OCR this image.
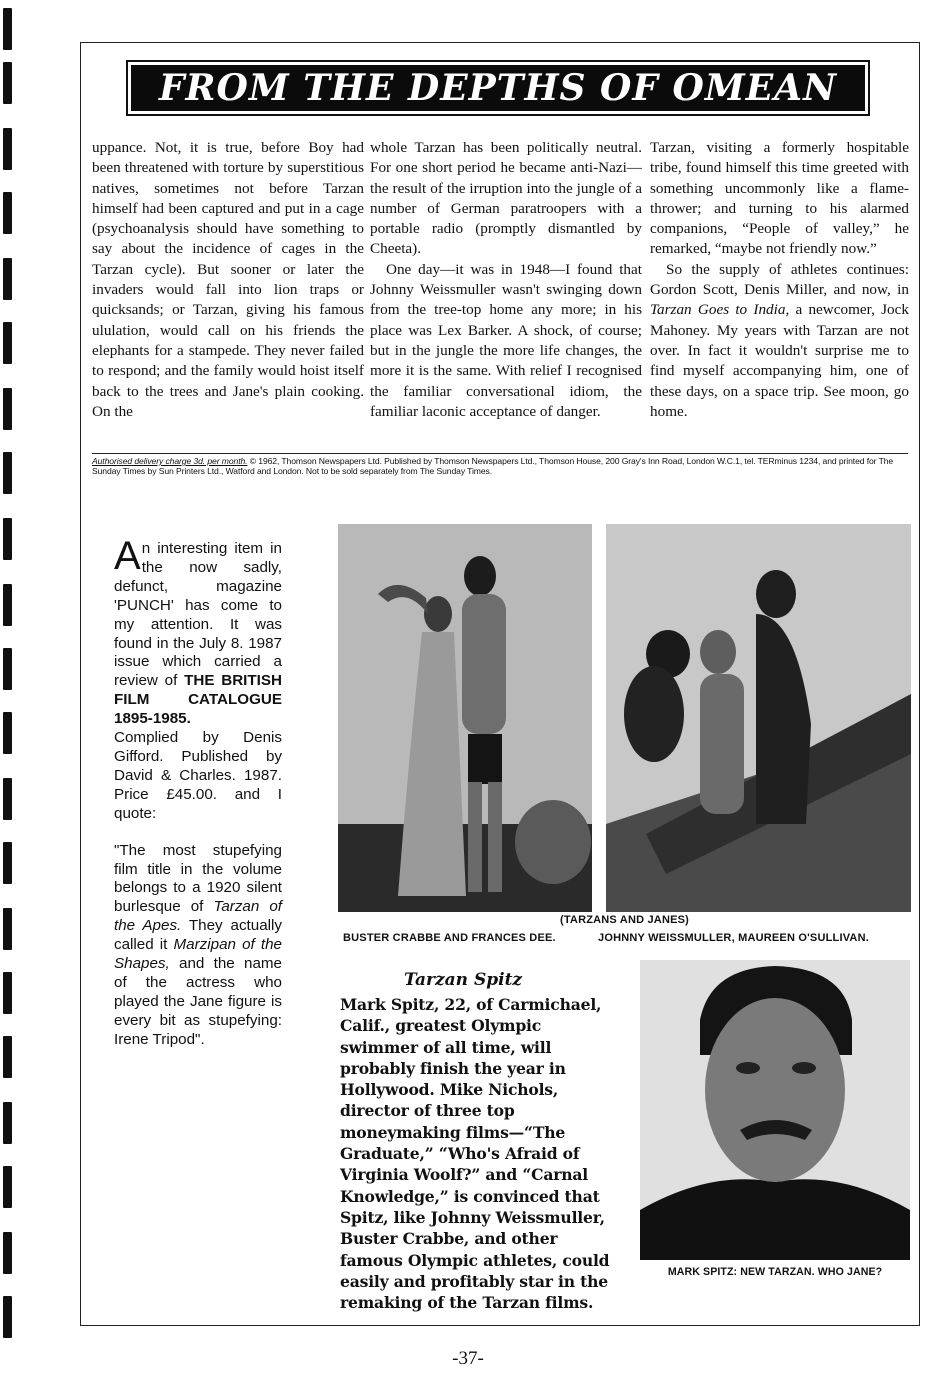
FROM THE DEPTHS OF OMEAN

uppance. Not, it is true, before Boy had been threatened with torture by superstitious natives, sometimes not before Tarzan himself had been captured and put in a cage (psychoanalysis should have something to say about the incidence of cages in the Tarzan cycle). But sooner or later the invaders would fall into lion traps or quicksands; or Tarzan, giving his famous ululation, would call on his friends the elephants for a stampede. They never failed to respond; and the family would hoist itself back to the trees and Jane's plain cooking. On the

whole Tarzan has been politically neutral. For one short period he became anti-Nazi—the result of the irruption into the jungle of a number of German paratroopers with a portable radio (promptly dismantled by Cheeta).

One day—it was in 1948—I found that Johnny Weissmuller wasn't swinging down from the tree-top home any more; in his place was Lex Barker. A shock, of course; but in the jungle the more life changes, the more it is the same. With relief I recognised the familiar conversational idiom, the familiar laconic acceptance of danger.

Tarzan, visiting a formerly hospitable tribe, found himself this time greeted with something uncommonly like a flame-thrower; and turning to his alarmed companions, “People of valley,” he remarked, “maybe not friendly now.”

So the supply of athletes continues: Gordon Scott, Denis Miller, and now, in Tarzan Goes to India, a newcomer, Jock Mahoney. My years with Tarzan are not over. In fact it wouldn't surprise me to find myself accompanying him, one of these days, on a space trip. See moon, go home.

Authorised delivery charge 3d. per month. © 1962, Thomson Newspapers Ltd. Published by Thomson Newspapers Ltd., Thomson House, 200 Gray's Inn Road, London W.C.1, tel. TERminus 1234, and printed for The Sunday Times by Sun Printers Ltd., Watford and London. Not to be sold separately from The Sunday Times.

An interesting item in the now sadly, defunct, magazine 'PUNCH' has come to my attention. It was found in the July 8. 1987 issue which carried a review of THE BRITISH FILM CATALOGUE 1895-1985.

Complied by Denis Gifford. Published by David & Charles. 1987. Price £45.00. and I quote:

"The most stupefying film title in the volume belongs to a 1920 silent burlesque of Tarzan of the Apes. They actually called it Marzipan of the Shapes, and the name of the actress who played the Jane figure is every bit as stupefying: Irene Tripod".

(TARZANS AND JANES)
BUSTER CRABBE AND FRANCES DEE.	JOHNNY WEISSMULLER, MAUREEN O'SULLIVAN.
Tarzan Spitz
Mark Spitz, 22, of Carmichael, Calif., greatest Olympic swimmer of all time, will probably finish the year in Hollywood. Mike Nichols, director of three top moneymaking films—“The Graduate,” “Who's Afraid of Virginia Woolf?” and “Carnal Knowledge,” is convinced that Spitz, like Johnny Weissmuller, Buster Crabbe, and other famous Olympic athletes, could easily and profitably star in the remaking of the Tarzan films.
MARK SPITZ: NEW TARZAN. WHO JANE?
-37-
